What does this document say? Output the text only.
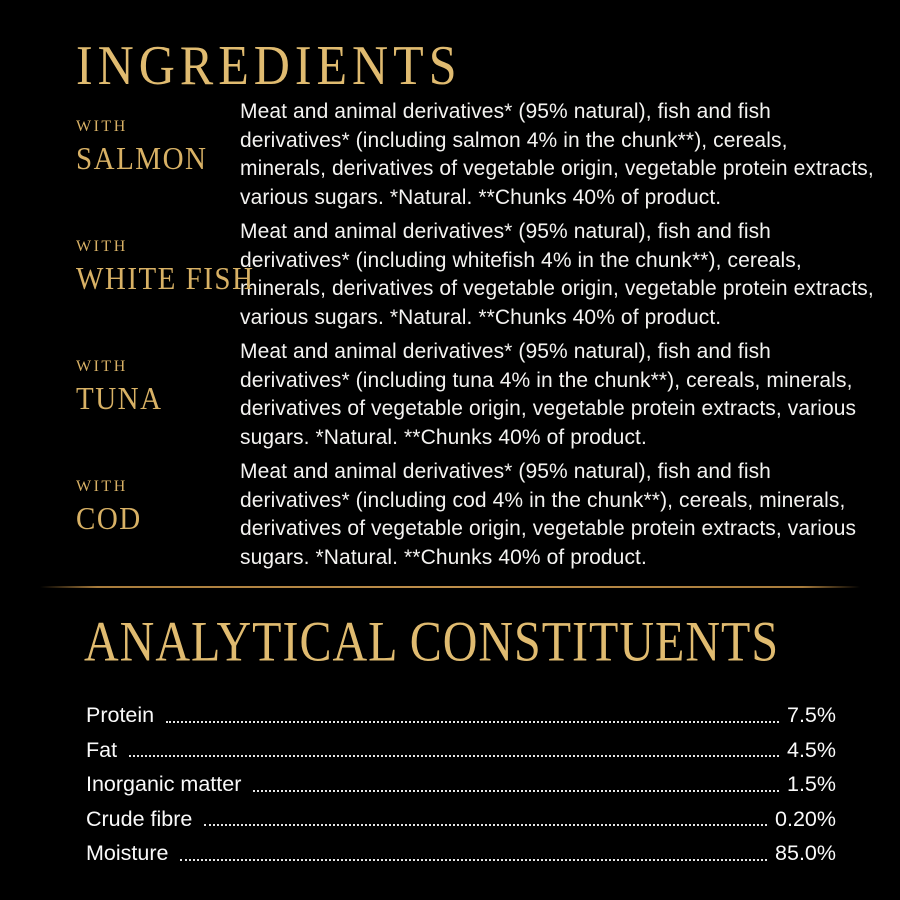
INGREDIENTS
WITH
SALMON

Meat and animal derivatives* (95% natural), fish and fish derivatives* (including salmon 4% in the chunk**), cereals, minerals, derivatives of vegetable origin, vegetable protein extracts, various sugars. *Natural. **Chunks 40% of product.

WITH
WHITE FISH

Meat and animal derivatives* (95% natural), fish and fish derivatives* (including whitefish 4% in the chunk**), cereals, minerals, derivatives of vegetable origin, vegetable protein extracts, various sugars. *Natural. **Chunks 40% of product.

WITH
TUNA

Meat and animal derivatives* (95% natural), fish and fish derivatives* (including tuna 4% in the chunk**), cereals, minerals, derivatives of vegetable origin, vegetable protein extracts, various sugars. *Natural. **Chunks 40% of product.

WITH
COD

Meat and animal derivatives* (95% natural), fish and fish derivatives* (including cod 4% in the chunk**), cereals, minerals, derivatives of vegetable origin, vegetable protein extracts, various sugars. *Natural. **Chunks 40% of product.

ANALYTICAL CONSTITUENTS
Protein	7.5%
Fat	4.5%
Inorganic matter	1.5%
Crude fibre	0.20%
Moisture	85.0%
